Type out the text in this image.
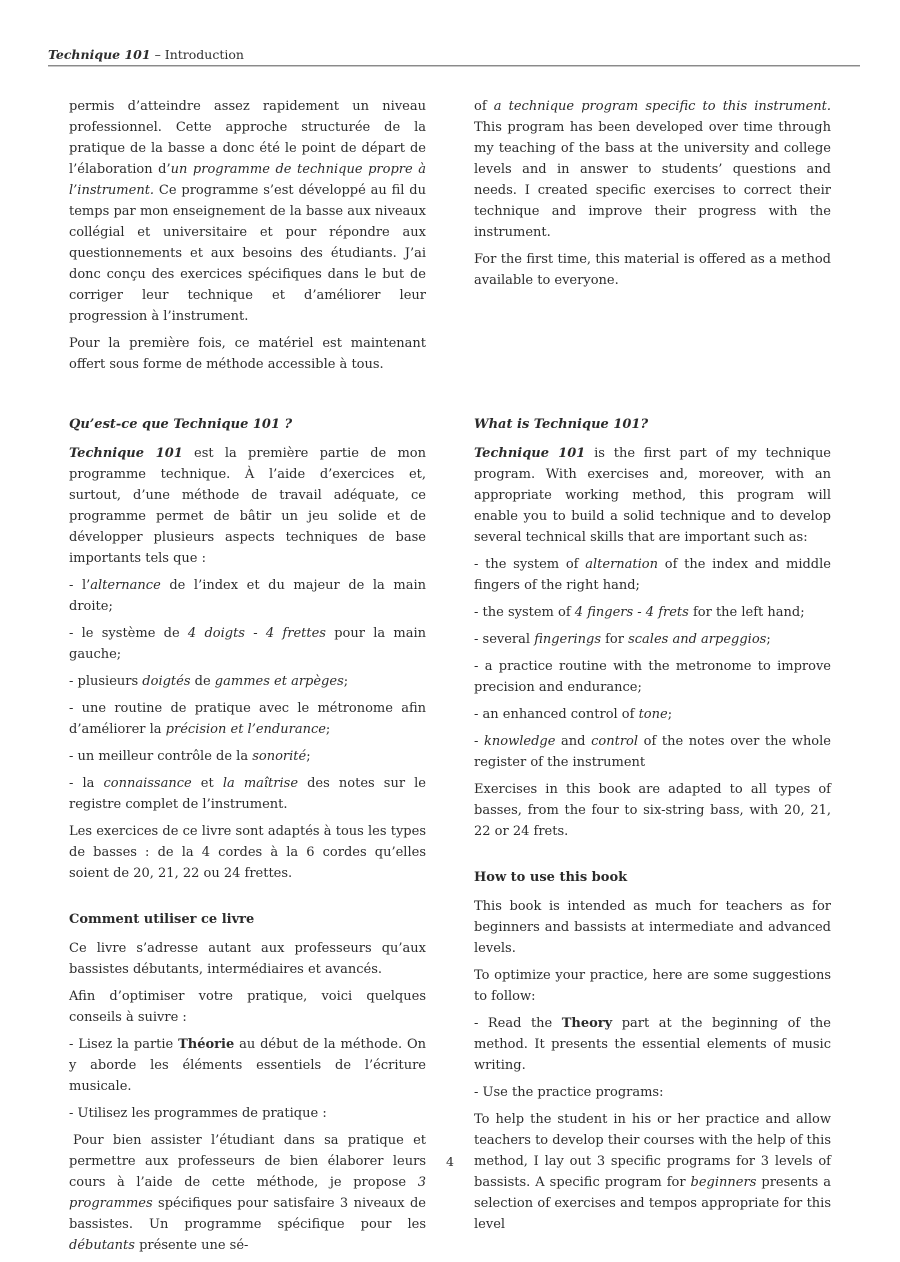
Technique 101 – Introduction

permis d’atteindre assez rapidement un niveau professionnel. Cette approche structurée de la pratique de la basse a donc été le point de départ de l’élaboration d’un programme de technique propre à l’instrument. Ce programme s’est développé au fil du temps par mon enseignement de la basse aux niveaux collégial et universitaire et pour répondre aux questionnements et aux besoins des étudiants. J’ai donc conçu des exercices spécifiques dans le but de corriger leur technique et d’améliorer leur progression à l’instrument.

Pour la première fois, ce matériel est maintenant offert sous forme de méthode accessible à tous.

Qu’est-ce que Technique 101 ?

Technique 101 est la première partie de mon programme technique. À l’aide d’exercices et, surtout, d’une méthode de travail adéquate, ce programme permet de bâtir un jeu solide et de développer plusieurs aspects techniques de base importants tels que :

- l’alternance de l’index et du majeur de la main droite;

- le système de 4 doigts - 4 frettes pour la main gauche;

- plusieurs doigtés de gammes et arpèges;

- une routine de pratique avec le métronome afin d’améliorer la précision et l’endurance;

- un meilleur contrôle de la sonorité;

- la connaissance et la maîtrise des notes sur le registre complet de l’instrument.

Les exercices de ce livre sont adaptés à tous les types de basses : de la 4 cordes à la 6 cordes qu’elles soient de 20, 21, 22 ou 24 frettes.

Comment utiliser ce livre

Ce livre s’adresse autant aux professeurs qu’aux bassistes débutants, intermédiaires et avancés.

Afin d’optimiser votre pratique, voici quelques conseils à suivre :

- Lisez la partie Théorie au début de la méthode. On y aborde les éléments essentiels de l’écriture musicale.

- Utilisez les programmes de pratique :

Pour bien assister l’étudiant dans sa pratique et permettre aux professeurs de bien élaborer leurs cours à l’aide de cette méthode, je propose 3 programmes spécifiques pour satisfaire 3 niveaux de bassistes. Un programme spécifique pour les débutants présente une sé-

of a technique program specific to this instrument. This program has been developed over time through my teaching of the bass at the university and college levels and in answer to students’ questions and needs. I created specific exercises to correct their technique and improve their progress with the instrument.

For the first time, this material is offered as a method available to everyone.

What is Technique 101?

Technique 101 is the first part of my technique program. With exercises and, moreover, with an appropriate working method, this program will enable you to build a solid technique and to develop several technical skills that are important such as:

- the system of alternation of the index and middle fingers of the right hand;

- the system of 4 fingers - 4 frets for the left hand;

- several fingerings for scales and arpeggios;

- a practice routine with the metronome to improve precision and endurance;

- an enhanced control of tone;

- knowledge and control of the notes over the whole register of the instrument

Exercises in this book are adapted to all types of basses, from the four to six-string bass, with 20, 21, 22 or 24 frets.

How to use this book

This book is intended as much for teachers as for beginners and bassists at intermediate and advanced levels.

To optimize your practice, here are some suggestions to follow:

- Read the Theory part at the beginning of the method. It presents the essential elements of music writing.

- Use the practice programs:

To help the student in his or her practice and allow teachers to develop their courses with the help of this method, I lay out 3 specific programs for 3 levels of bassists. A specific program for beginners presents a selection of exercises and tempos appropriate for this level

4
